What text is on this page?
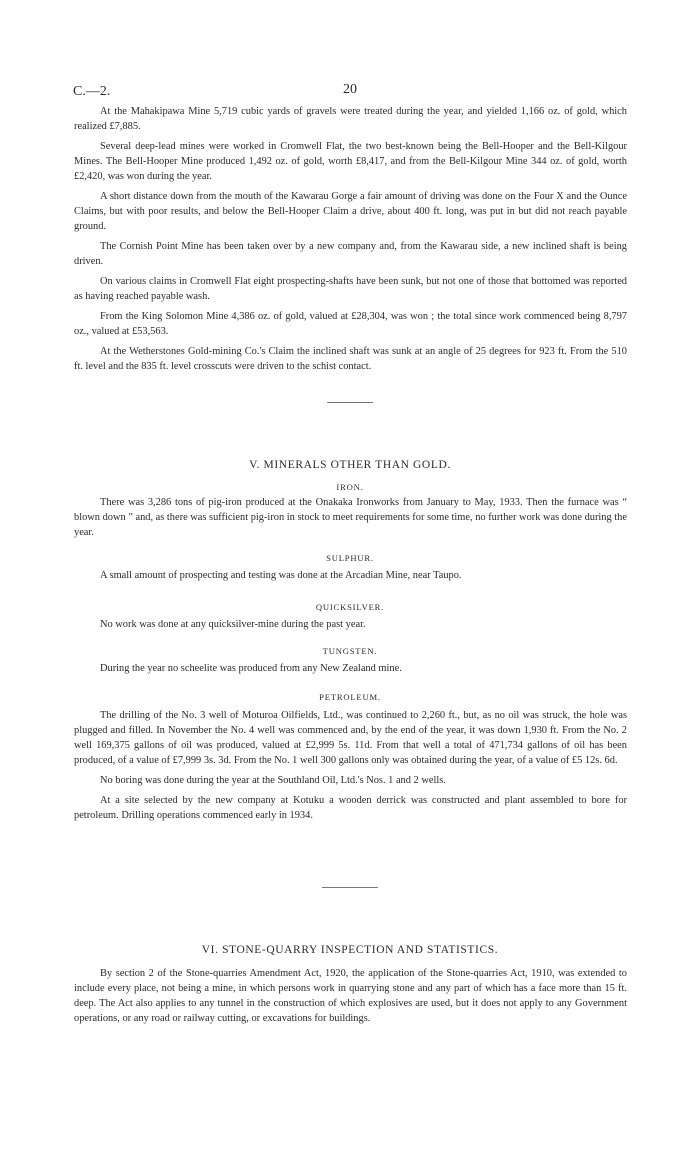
C.—2.	20

At the Mahakipawa Mine 5,719 cubic yards of gravels were treated during the year, and yielded 1,166 oz. of gold, which realized £7,885.

Several deep-lead mines were worked in Cromwell Flat, the two best-known being the Bell-Hooper and the Bell-Kilgour Mines. The Bell-Hooper Mine produced 1,492 oz. of gold, worth £8,417, and from the Bell-Kilgour Mine 344 oz. of gold, worth £2,420, was won during the year.

A short distance down from the mouth of the Kawarau Gorge a fair amount of driving was done on the Four X and the Ounce Claims, but with poor results, and below the Bell-Hooper Claim a drive, about 400 ft. long, was put in but did not reach payable ground.

The Cornish Point Mine has been taken over by a new company and, from the Kawarau side, a new inclined shaft is being driven.

On various claims in Cromwell Flat eight prospecting-shafts have been sunk, but not one of those that bottomed was reported as having reached payable wash.

From the King Solomon Mine 4,386 oz. of gold, valued at £28,304, was won ; the total since work commenced being 8,797 oz., valued at £53,563.

At the Wetherstones Gold-mining Co.'s Claim the inclined shaft was sunk at an angle of 25 degrees for 923 ft. From the 510 ft. level and the 835 ft. level crosscuts were driven to the schist contact.

V. MINERALS OTHER THAN GOLD.
IRON.

There was 3,286 tons of pig-iron produced at the Onakaka Ironworks from January to May, 1933. Then the furnace was “ blown down ” and, as there was sufficient pig-iron in stock to meet requirements for some time, no further work was done during the year.

SULPHUR.

A small amount of prospecting and testing was done at the Arcadian Mine, near Taupo.

QUICKSILVER.

No work was done at any quicksilver-mine during the past year.

TUNGSTEN.

During the year no scheelite was produced from any New Zealand mine.

PETROLEUM.

The drilling of the No. 3 well of Moturoa Oilfields, Ltd., was continued to 2,260 ft., but, as no oil was struck, the hole was plugged and filled. In November the No. 4 well was commenced and, by the end of the year, it was down 1,930 ft. From the No. 2 well 169,375 gallons of oil was produced, valued at £2,999 5s. 11d. From that well a total of 471,734 gallons of oil has been produced, of a value of £7,999 3s. 3d. From the No. 1 well 300 gallons only was obtained during the year, of a value of £5 12s. 6d.

No boring was done during the year at the Southland Oil, Ltd.'s Nos. 1 and 2 wells.

At a site selected by the new company at Kotuku a wooden derrick was constructed and plant assembled to bore for petroleum. Drilling operations commenced early in 1934.

VI. STONE-QUARRY INSPECTION AND STATISTICS.

By section 2 of the Stone-quarries Amendment Act, 1920, the application of the Stone-quarries Act, 1910, was extended to include every place, not being a mine, in which persons work in quarrying stone and any part of which has a face more than 15 ft. deep. The Act also applies to any tunnel in the construction of which explosives are used, but it does not apply to any Government operations, or any road or railway cutting, or excavations for buildings.
